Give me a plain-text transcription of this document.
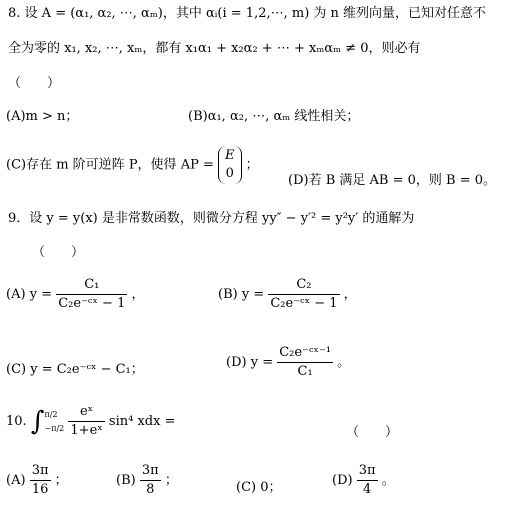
8. 设 A = (α₁, α₂, ⋯, αₘ)，其中 αᵢ(i = 1,2,⋯, m) 为 n 维列向量，已知对任意不
全为零的 x₁, x₂, ⋯, xₘ，都有 x₁α₁ + x₂α₂ + ⋯ + xₘαₘ ≠ 0，则必有
（　　）
(A)m > n；	(B)α₁, α₂, ⋯, αₘ 线性相关；
(C)存在 m 阶可逆阵 P，使得 AP =
E
0
；
(D)若 B 满足 AB = 0，则 B = 0。
9．设 y = y(x) 是非常数函数，则微分方程 yy″ − y′² = y²y′ 的通解为
（　　）
(A) $y = \frac{\text{C₁}}{\text{C₂e⁻ᶜˣ − 1}}$ ，	(B) $y = \frac{\text{C₂}}{\text{C₂e⁻ᶜˣ − 1}}$ ，
(C) y = C₂e⁻ᶜˣ − C₁；	(D) $y = \frac{\text{C₂e⁻ᶜˣ⁻¹}}{\text{C₁}}$ 。
10. ∫ π/2
−π/2
$\frac{\text{eˣ}}{\text{1+eˣ}} \sin^4$ xdx =
（　　）
$(A) \frac{3\pi}{16}$ ；	$(B) \frac{3\pi}{8}$ ；	(C) 0；	$(D) \frac{3\pi}{4}$ 。
